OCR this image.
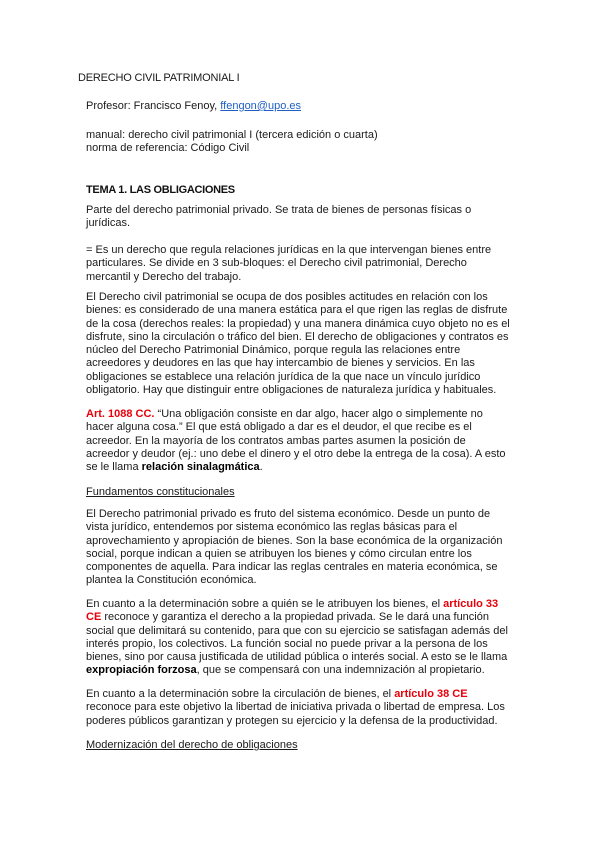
DERECHO CIVIL PATRIMONIAL I
Profesor: Francisco Fenoy, ffengon@upo.es
manual: derecho civil patrimonial I (tercera edición o cuarta)
norma de referencia: Código Civil
TEMA 1. LAS OBLIGACIONES
Parte del derecho patrimonial privado. Se trata de bienes de personas físicas o
jurídicas.
= Es un derecho que regula relaciones jurídicas en la que intervengan bienes entre
particulares. Se divide en 3 sub-bloques: el Derecho civil patrimonial, Derecho
mercantil y Derecho del trabajo.
El Derecho civil patrimonial se ocupa de dos posibles actitudes en relación con los
bienes: es considerado de una manera estática para el que rigen las reglas de disfrute
de la cosa (derechos reales: la propiedad) y una manera dinámica cuyo objeto no es el
disfrute, sino la circulación o tráfico del bien. El derecho de obligaciones y contratos es
núcleo del Derecho Patrimonial Dinámico, porque regula las relaciones entre
acreedores y deudores en las que hay intercambio de bienes y servicios. En las
obligaciones se establece una relación jurídica de la que nace un vínculo jurídico
obligatorio. Hay que distinguir entre obligaciones de naturaleza jurídica y habituales.
Art. 1088 CC. “Una obligación consiste en dar algo, hacer algo o simplemente no
hacer alguna cosa.” El que está obligado a dar es el deudor, el que recibe es el
acreedor. En la mayoría de los contratos ambas partes asumen la posición de
acreedor y deudor (ej.: uno debe el dinero y el otro debe la entrega de la cosa). A esto
se le llama relación sinalagmática.
Fundamentos constitucionales
El Derecho patrimonial privado es fruto del sistema económico. Desde un punto de
vista jurídico, entendemos por sistema económico las reglas básicas para el
aprovechamiento y apropiación de bienes. Son la base económica de la organización
social, porque indican a quien se atribuyen los bienes y cómo circulan entre los
componentes de aquella. Para indicar las reglas centrales en materia económica, se
plantea la Constitución económica.
En cuanto a la determinación sobre a quién se le atribuyen los bienes, el artículo 33
CE reconoce y garantiza el derecho a la propiedad privada. Se le dará una función
social que delimitará su contenido, para que con su ejercicio se satisfagan además del
interés propio, los colectivos. La función social no puede privar a la persona de los
bienes, sino por causa justificada de utilidad pública o interés social. A esto se le llama
expropiación forzosa, que se compensará con una indemnización al propietario.
En cuanto a la determinación sobre la circulación de bienes, el artículo 38 CE
reconoce para este objetivo la libertad de iniciativa privada o libertad de empresa. Los
poderes públicos garantizan y protegen su ejercicio y la defensa de la productividad.
Modernización del derecho de obligaciones
